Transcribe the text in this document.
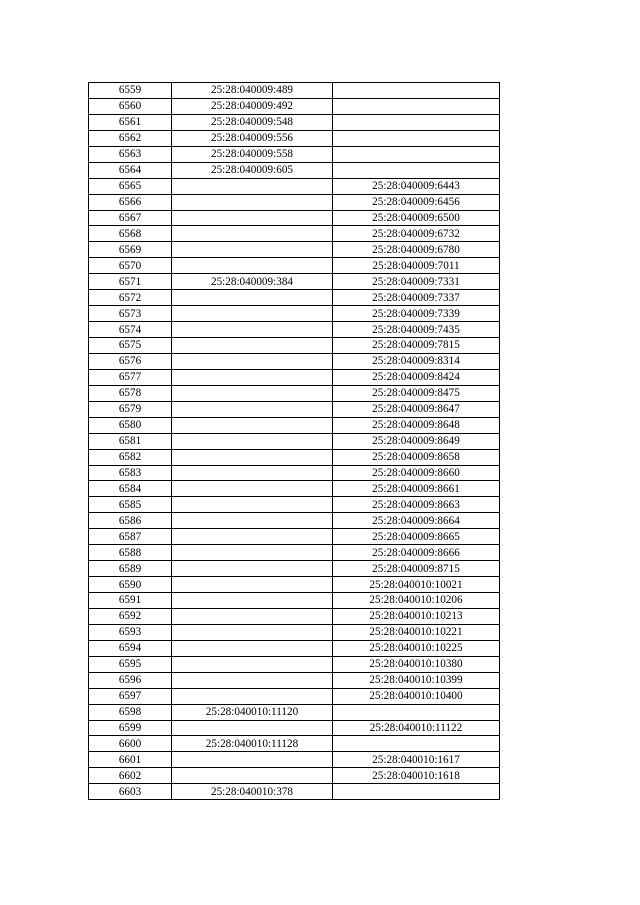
6559	25:28:040009:489	
6560	25:28:040009:492	
6561	25:28:040009:548	
6562	25:28:040009:556	
6563	25:28:040009:558	
6564	25:28:040009:605	
6565		25:28:040009:6443
6566		25:28:040009:6456
6567		25:28:040009:6500
6568		25:28:040009:6732
6569		25:28:040009:6780
6570		25:28:040009:7011
6571	25:28:040009:384	25:28:040009:7331
6572		25:28:040009:7337
6573		25:28:040009:7339
6574		25:28:040009:7435
6575		25:28:040009:7815
6576		25:28:040009:8314
6577		25:28:040009:8424
6578		25:28:040009:8475
6579		25:28:040009:8647
6580		25:28:040009:8648
6581		25:28:040009:8649
6582		25:28:040009:8658
6583		25:28:040009:8660
6584		25:28:040009:8661
6585		25:28:040009:8663
6586		25:28:040009:8664
6587		25:28:040009:8665
6588		25:28:040009:8666
6589		25:28:040009:8715
6590		25:28:040010:10021
6591		25:28:040010:10206
6592		25:28:040010:10213
6593		25:28:040010:10221
6594		25:28:040010:10225
6595		25:28:040010:10380
6596		25:28:040010:10399
6597		25:28:040010:10400
6598	25:28:040010:11120	
6599		25:28:040010:11122
6600	25:28:040010:11128	
6601		25:28:040010:1617
6602		25:28:040010:1618
6603	25:28:040010:378	
